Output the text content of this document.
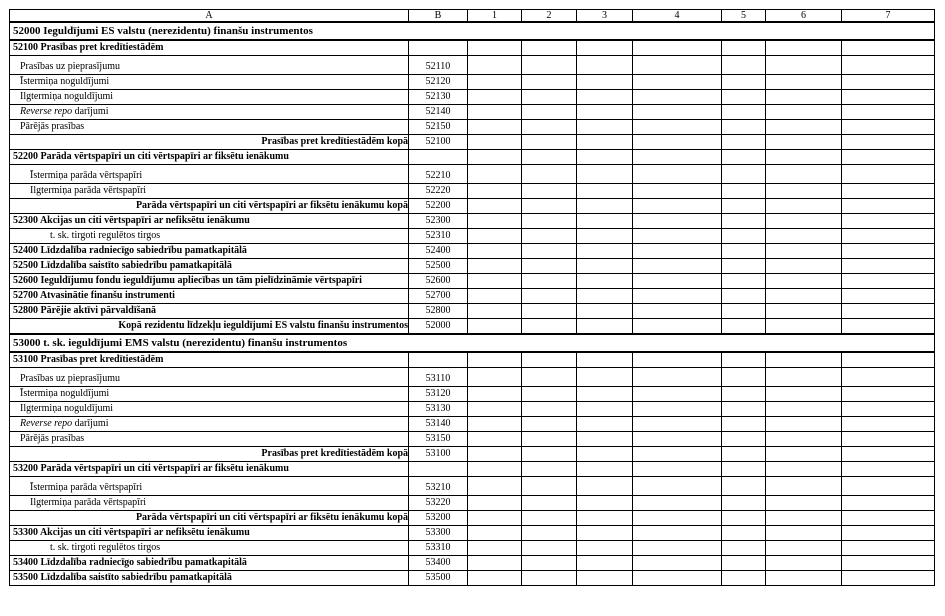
A	B	1	2	3	4	5	6	7
52000 Ieguldījumi ES valstu (nerezidentu) finanšu instrumentos								
52100 Prasības pret kredītiestādēm								
Prasības uz pieprasījumu	52110							
Īstermiņa noguldījumi	52120							
Ilgtermiņa noguldījumi	52130							
Reverse repo darījumi	52140							
Pārējās prasības	52150							
Prasības pret kredītiestādēm kopā	52100							
52200 Parāda vērtspapīri un citi vērtspapīri ar fiksētu ienākumu								
Īstermiņa parāda vērtspapīri	52210							
Ilgtermiņa parāda vērtspapīri	52220							
Parāda vērtspapīri un citi vērtspapīri ar fiksētu ienākumu kopā	52200							
52300 Akcijas un citi vērtspapīri ar nefiksētu ienākumu	52300							
t. sk. tirgoti regulētos tirgos	52310							
52400 Līdzdalība radniecīgo sabiedrību pamatkapitālā	52400							
52500 Līdzdalība saistīto sabiedrību pamatkapitālā	52500							
52600 Ieguldījumu fondu ieguldījumu apliecības un tām pielīdzināmie vērtspapīri	52600							
52700 Atvasinātie finanšu instrumenti	52700							
52800 Pārējie aktīvi pārvaldīšanā	52800							
Kopā rezidentu līdzekļu ieguldījumi ES valstu finanšu instrumentos	52000							
53000 t. sk. ieguldījumi EMS valstu (nerezidentu) finanšu instrumentos								
53100 Prasības pret kredītiestādēm								
Prasības uz pieprasījumu	53110							
Īstermiņa noguldījumi	53120							
Ilgtermiņa noguldījumi	53130							
Reverse repo darījumi	53140							
Pārējās prasības	53150							
Prasības pret kredītiestādēm kopā	53100							
53200 Parāda vērtspapīri un citi vērtspapīri ar fiksētu ienākumu								
Īstermiņa parāda vērtspapīri	53210							
Ilgtermiņa parāda vērtspapīri	53220							
Parāda vērtspapīri un citi vērtspapīri ar fiksētu ienākumu kopā	53200							
53300 Akcijas un citi vērtspapīri ar nefiksētu ienākumu	53300							
t. sk. tirgoti regulētos tirgos	53310							
53400 Līdzdalība radniecīgo sabiedrību pamatkapitālā	53400							
53500 Līdzdalība saistīto sabiedrību pamatkapitālā	53500							
